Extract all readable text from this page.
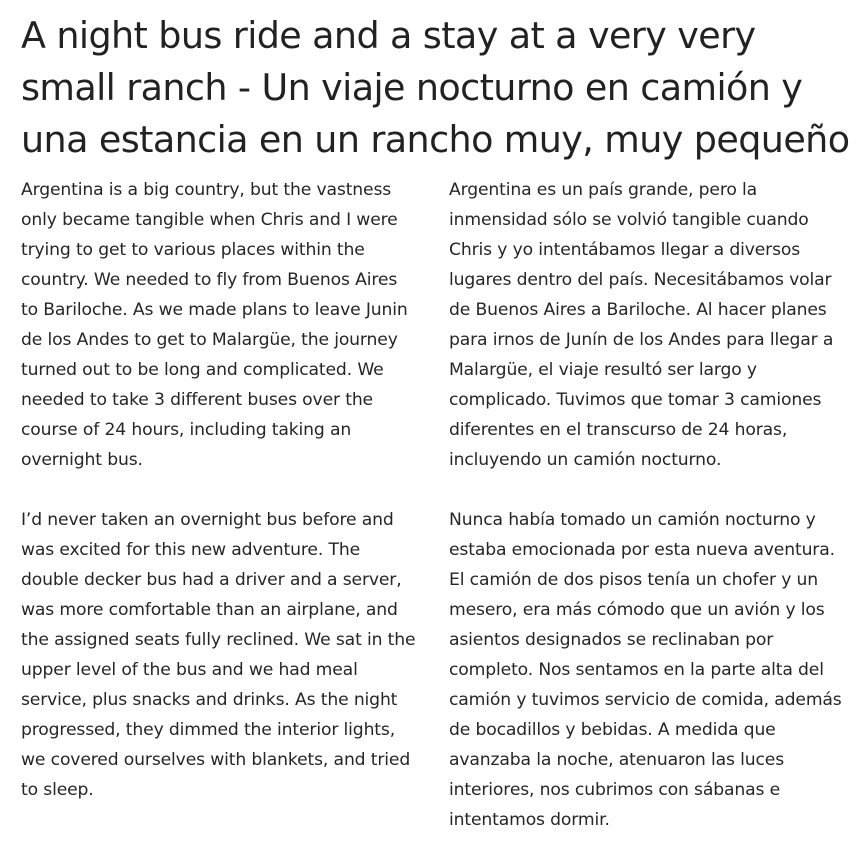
A night bus ride and a stay at a very very small ranch - Un viaje nocturno en camión y una estancia en un rancho muy, muy pequeño

Argentina is a big country, but the vastness only became tangible when Chris and I were trying to get to various places within the country. We needed to fly from Buenos Aires to Bariloche. As we made plans to leave Junin de los Andes to get to Malargüe, the journey turned out to be long and complicated. We needed to take 3 different buses over the course of 24 hours, including taking an overnight bus.

I’d never taken an overnight bus before and was excited for this new adventure. The double decker bus had a driver and a server, was more comfortable than an airplane, and the assigned seats fully reclined. We sat in the upper level of the bus and we had meal service, plus snacks and drinks. As the night progressed, they dimmed the interior lights, we covered ourselves with blankets, and tried to sleep.

Argentina es un país grande, pero la inmensidad sólo se volvió tangible cuando Chris y yo intentábamos llegar a diversos lugares dentro del país. Necesitábamos volar de Buenos Aires a Bariloche. Al hacer planes para irnos de Junín de los Andes para llegar a Malargüe, el viaje resultó ser largo y complicado. Tuvimos que tomar 3 camiones diferentes en el transcurso de 24 horas, incluyendo un camión nocturno.

Nunca había tomado un camión nocturno y estaba emocionada por esta nueva aventura. El camión de dos pisos tenía un chofer y un mesero, era más cómodo que un avión y los asientos designados se reclinaban por completo. Nos sentamos en la parte alta del camión y tuvimos servicio de comida, además de bocadillos y bebidas. A medida que avanzaba la noche, atenuaron las luces interiores, nos cubrimos con sábanas e intentamos dormir.
